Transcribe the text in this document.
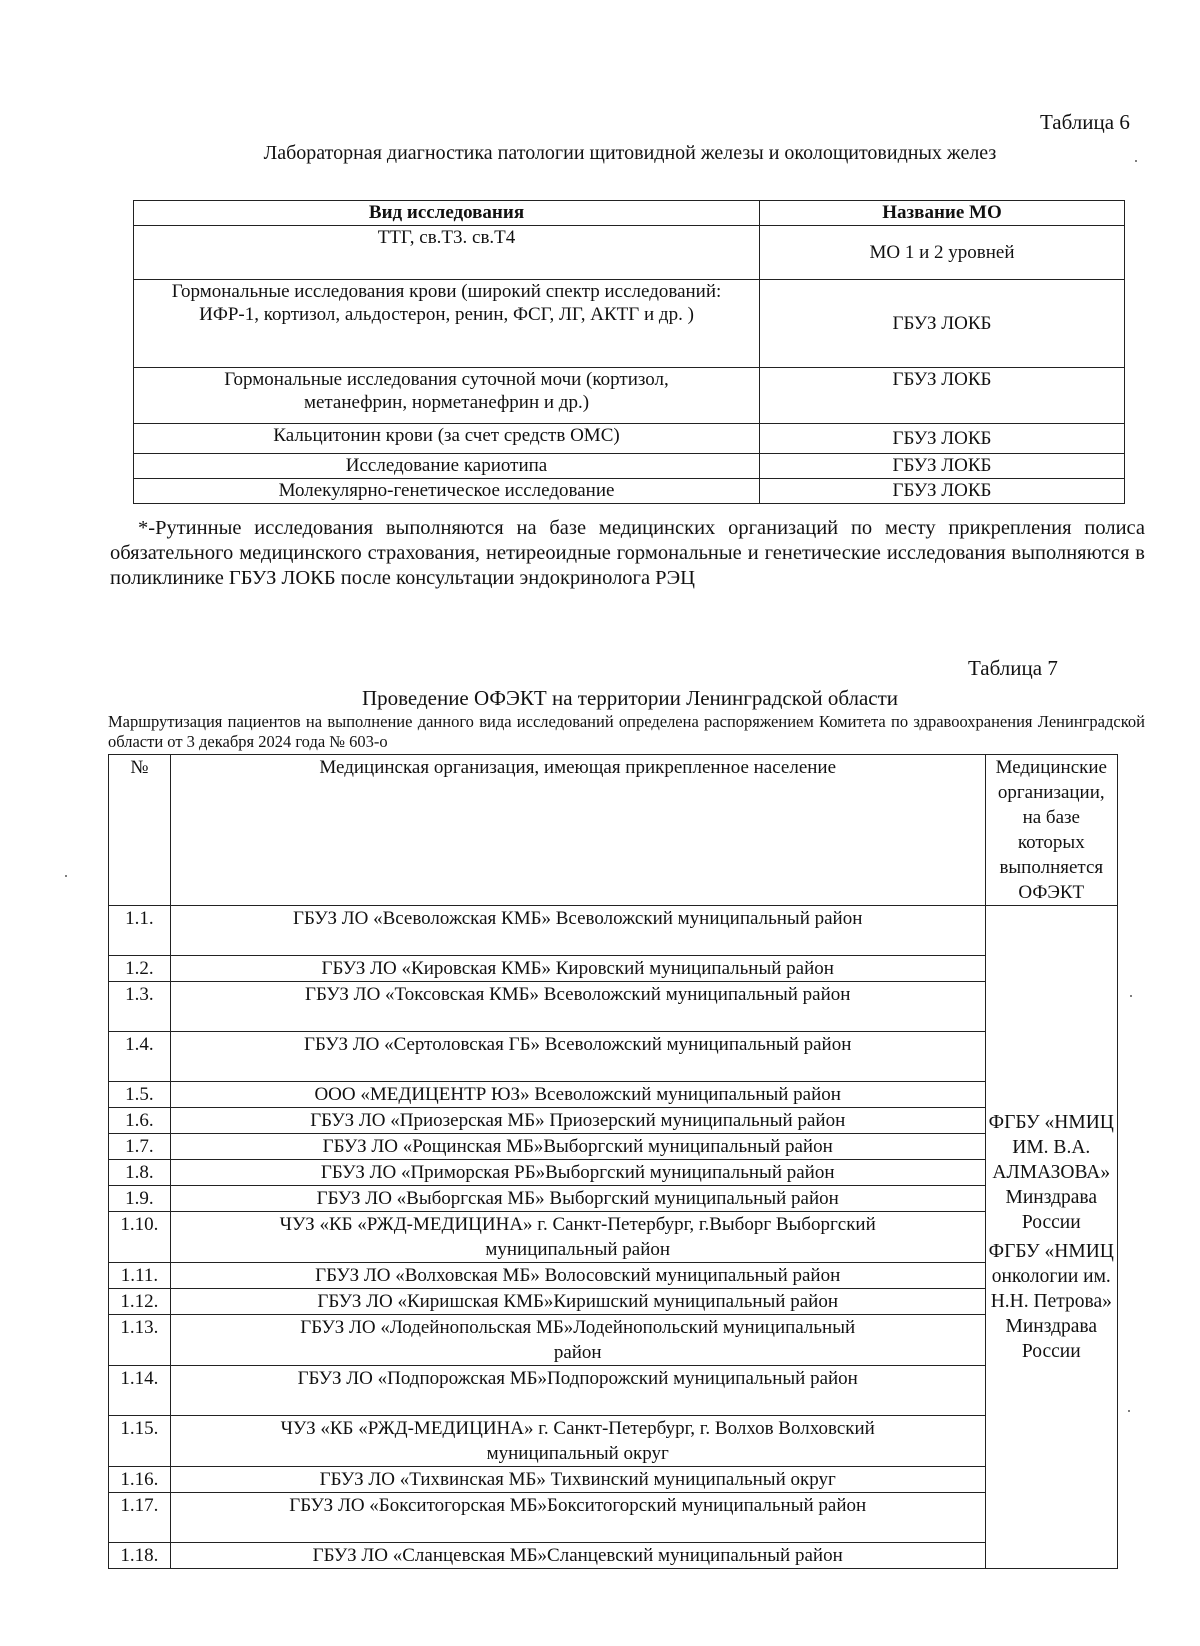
Таблица 6
Лабораторная диагностика патологии щитовидной железы и околощитовидных желез
Вид исследования	Название МО
ТТГ, св.Т3. св.Т4	МО 1 и 2 уровней
Гормональные исследования крови (широкий спектр исследований: ИФР-1, кортизол, альдостерон, ренин, ФСГ, ЛГ, АКТГ и др. )	ГБУЗ ЛОКБ
Гормональные исследования суточной мочи (кортизол, метанефрин, норметанефрин и др.)	ГБУЗ ЛОКБ
Кальцитонин крови (за счет средств ОМС)	ГБУЗ ЛОКБ
Исследование кариотипа	ГБУЗ ЛОКБ
Молекулярно-генетическое исследование	ГБУЗ ЛОКБ
*-Рутинные исследования выполняются на базе медицинских организаций по месту прикрепления полиса обязательного медицинского страхования, нетиреоидные гормональные и генетические исследования выполняются в поликлинике ГБУЗ ЛОКБ после консультации эндокринолога РЭЦ
Таблица 7
Проведение ОФЭКТ на территории Ленинградской области
Маршрутизация пациентов на выполнение данного вида исследований определена распоряжением Комитета по здравоохранения Ленинградской области от 3 декабря 2024 года № 603-о
№	Медицинская организация, имеющая прикрепленное население	Медицинские организации, на базе которых выполняется ОФЭКТ
1.1.	ГБУЗ ЛО «Всеволожская КМБ» Всеволожский муниципальный район	ФГБУ «НМИЦ ИМ. В.А. АЛМАЗОВА» Минздрава России
ФГБУ «НМИЦ онкологии им. Н.Н. Петрова» Минздрава России

1.2.	ГБУЗ ЛО «Кировская КМБ» Кировский муниципальный район	
1.3.	ГБУЗ ЛО «Токсовская КМБ» Всеволожский муниципальный район	
1.4.	ГБУЗ ЛО «Сертоловская ГБ» Всеволожский муниципальный район	
1.5.	ООО «МЕДИЦЕНТР ЮЗ» Всеволожский муниципальный район	
1.6.	ГБУЗ ЛО «Приозерская МБ» Приозерский муниципальный район	
1.7.	ГБУЗ ЛО «Рощинская МБ»Выборгский муниципальный район	
1.8.	ГБУЗ ЛО «Приморская РБ»Выборгский муниципальный район	
1.9.	ГБУЗ ЛО «Выборгская МБ» Выборгский муниципальный район	
1.10.	ЧУЗ «КБ «РЖД-МЕДИЦИНА» г. Санкт-Петербург, г.Выборг Выборгский муниципальный район	
1.11.	ГБУЗ ЛО «Волховская МБ» Волосовский муниципальный район	
1.12.	ГБУЗ ЛО «Киришская КМБ»Киришский муниципальный район	
1.13.	ГБУЗ ЛО «Лодейнопольская МБ»Лодейнопольский муниципальный район	
1.14.	ГБУЗ ЛО «Подпорожская МБ»Подпорожский муниципальный район	
1.15.	ЧУЗ «КБ «РЖД-МЕДИЦИНА» г. Санкт-Петербург, г. Волхов Волховский муниципальный округ	
1.16.	ГБУЗ ЛО «Тихвинская МБ» Тихвинский муниципальный округ	
1.17.	ГБУЗ ЛО «Бокситогорская МБ»Бокситогорский муниципальный район	
1.18.	ГБУЗ ЛО «Сланцевская МБ»Сланцевский муниципальный район	
